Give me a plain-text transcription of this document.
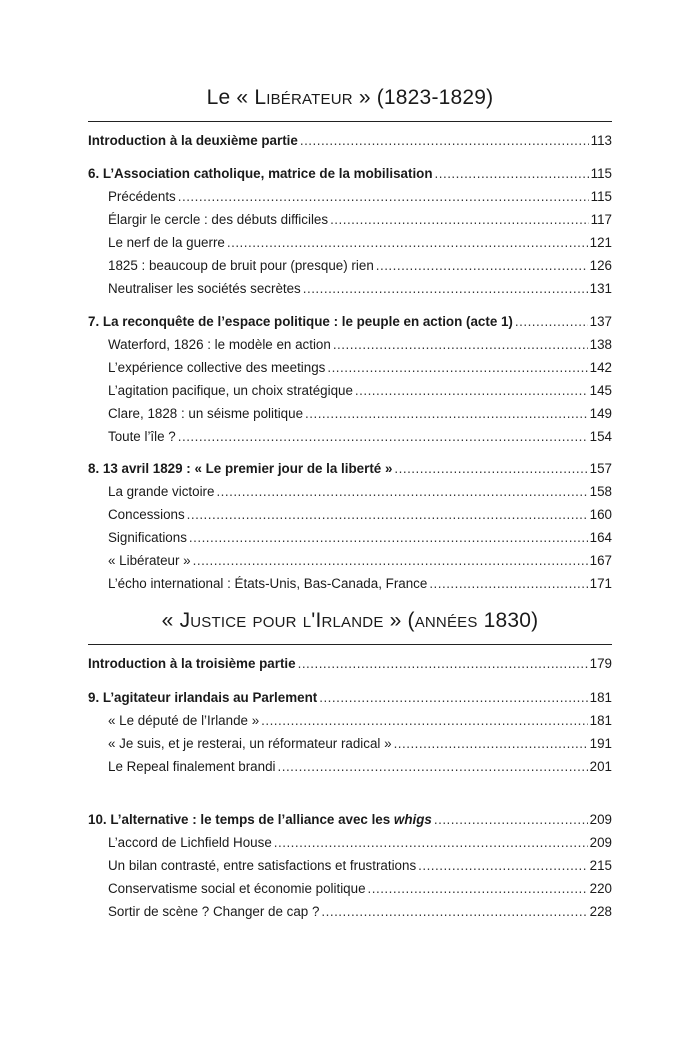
Le « Libérateur » (1823-1829)
Introduction à la deuxième partie .....	113
6. L’Association catholique, matrice de la mobilisation .....	115
Précédents .....	115
Élargir le cercle : des débuts difficiles .....	117
Le nerf de la guerre .....	121
1825 : beaucoup de bruit pour (presque) rien .....	126
Neutraliser les sociétés secrètes .....	131
7. La reconquête de l’espace politique : le peuple en action (acte 1) .....	137
Waterford, 1826 : le modèle en action .....	138
L’expérience collective des meetings .....	142
L’agitation pacifique, un choix stratégique .....	145
Clare, 1828 : un séisme politique .....	149
Toute l’île ? .....	154
8. 13 avril 1829 : « Le premier jour de la liberté » .....	157
La grande victoire .....	158
Concessions .....	160
Significations .....	164
« Libérateur » .....	167
L’écho international : États-Unis, Bas-Canada, France .....	171
« Justice pour l'Irlande » (années 1830)
Introduction à la troisième partie .....	179
9. L’agitateur irlandais au Parlement .....	181
« Le député de l’Irlande » .....	181
« Je suis, et je resterai, un réformateur radical » .....	191
Le Repeal finalement brandi .....	201
10. L’alternative : le temps de l’alliance avec les whigs .....	209
L’accord de Lichfield House .....	209
Un bilan contrasté, entre satisfactions et frustrations .....	215
Conservatisme social et économie politique .....	220
Sortir de scène ? Changer de cap ? .....	228
